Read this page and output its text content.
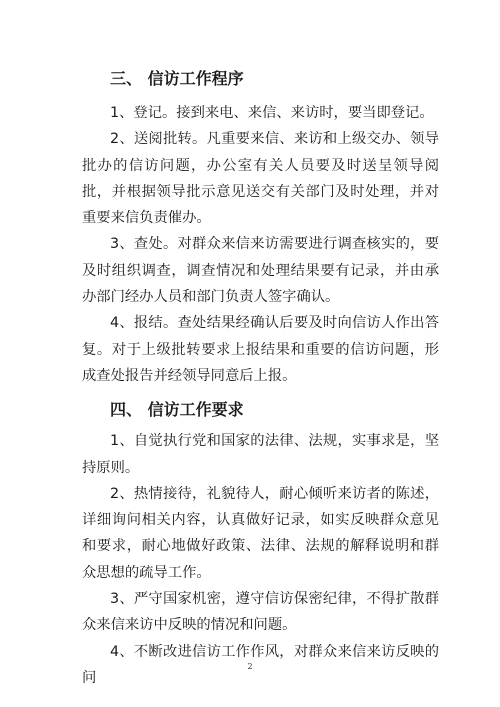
三、 信访工作程序

1、登记。接到来电、来信、来访时，要当即登记。

2、送阅批转。凡重要来信、来访和上级交办、领导批办的信访问题，办公室有关人员要及时送呈领导阅批，并根据领导批示意见送交有关部门及时处理，并对重要来信负责催办。

3、查处。对群众来信来访需要进行调查核实的，要及时组织调查，调查情况和处理结果要有记录，并由承办部门经办人员和部门负责人签字确认。

4、报结。查处结果经确认后要及时向信访人作出答复。对于上级批转要求上报结果和重要的信访问题，形成查处报告并经领导同意后上报。

四、 信访工作要求

1、自觉执行党和国家的法律、法规，实事求是，坚持原则。

2、热情接待，礼貌待人，耐心倾听来访者的陈述，详细询问相关内容，认真做好记录，如实反映群众意见和要求，耐心地做好政策、法律、法规的解释说明和群众思想的疏导工作。

3、严守国家机密，遵守信访保密纪律，不得扩散群众来信来访中反映的情况和问题。

4、不断改进信访工作作风，对群众来信来访反映的问

2
